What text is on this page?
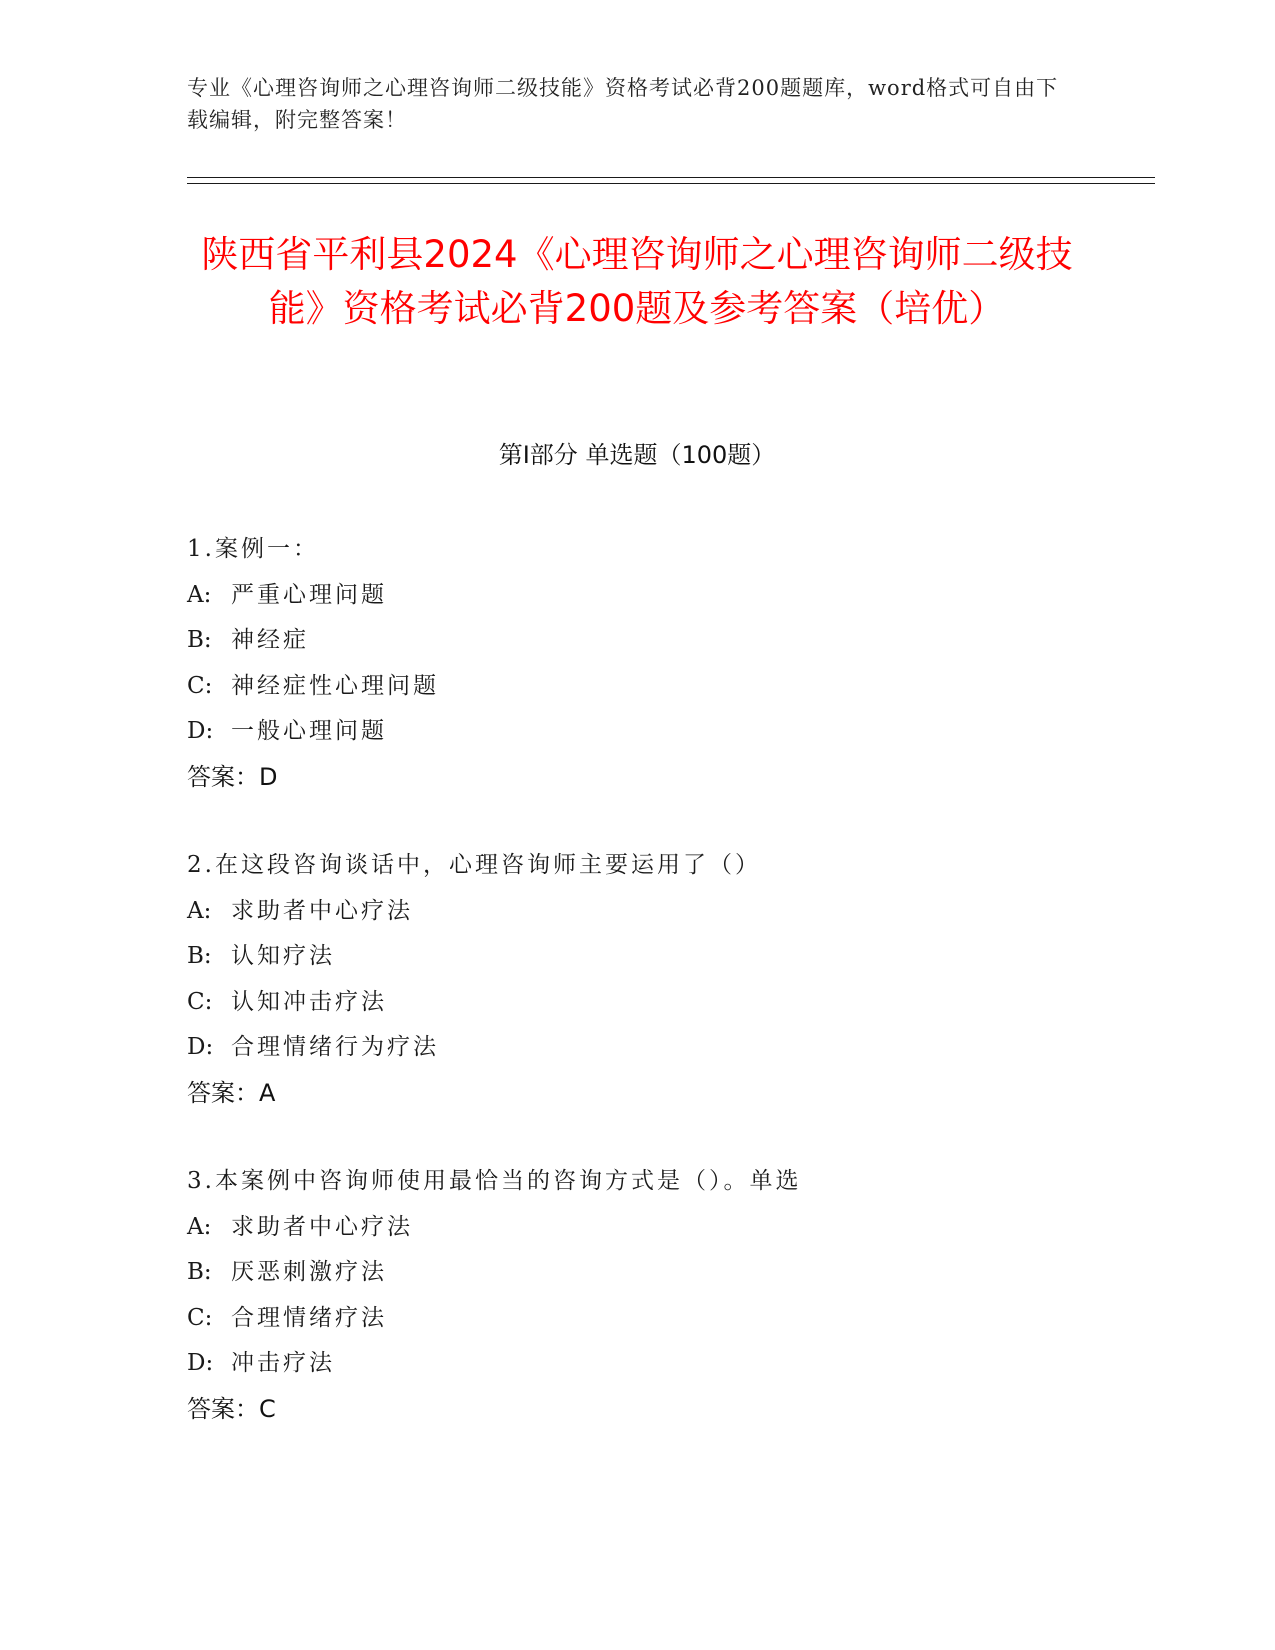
专业《心理咨询师之心理咨询师二级技能》资格考试必背200题题库，word格式可自由下载编辑，附完整答案！
陕西省平利县2024《心理咨询师之心理咨询师二级技能》资格考试必背200题及参考答案（培优）
第Ⅰ部分 单选题（100题）
1.案例一：
A: 严重心理问题
B: 神经症
C: 神经症性心理问题
D: 一般心理问题
答案：D
2.在这段咨询谈话中，心理咨询师主要运用了（）
A: 求助者中心疗法
B: 认知疗法
C: 认知冲击疗法
D: 合理情绪行为疗法
答案：A
3.本案例中咨询师使用最恰当的咨询方式是（）。单选
A: 求助者中心疗法
B: 厌恶刺激疗法
C: 合理情绪疗法
D: 冲击疗法
答案：C
